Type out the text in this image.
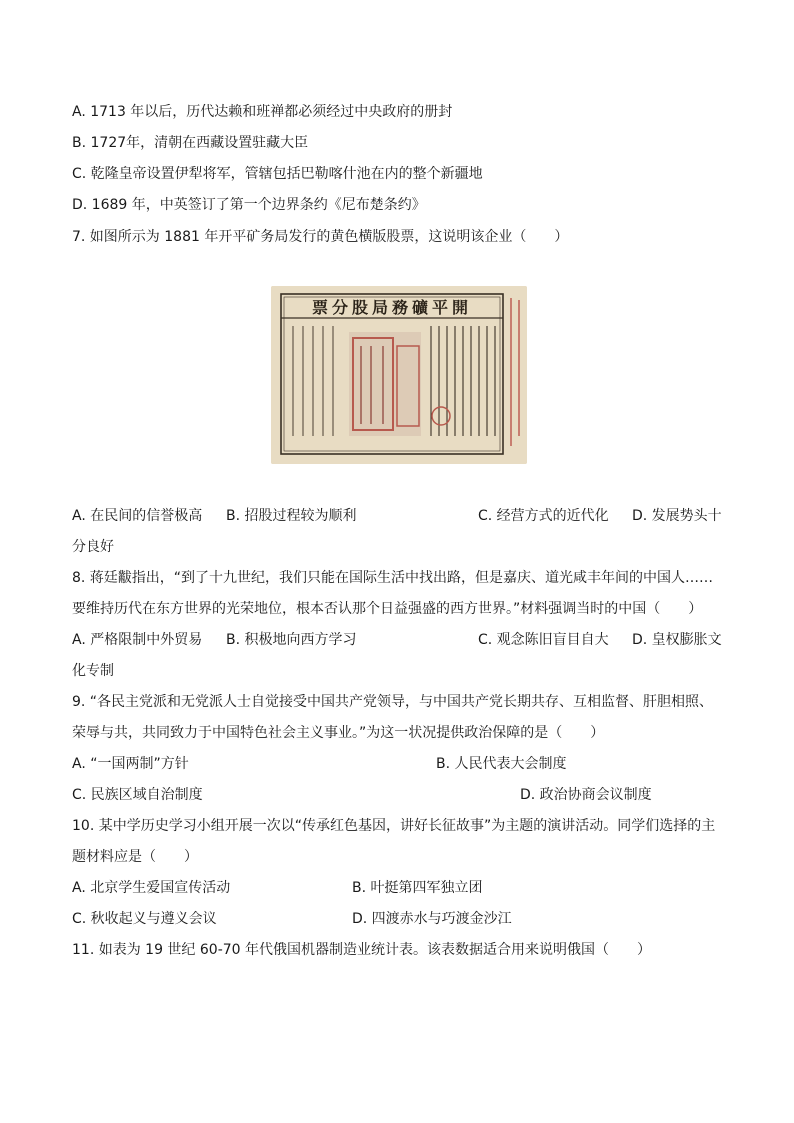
A. 1713 年以后，历代达赖和班禅都必须经过中央政府的册封
B. 1727年，清朝在西藏设置驻藏大臣
C. 乾隆皇帝设置伊犁将军，管辖包括巴勒喀什池在内的整个新疆地
D. 1689 年，中英签订了第一个边界条约《尼布楚条约》
7. 如图所示为 1881 年开平矿务局发行的黄色横版股票，这说明该企业（　　）
票分股局務礦平開
A. 在民间的信誉极高 B. 招股过程较为顺利	C. 经营方式的近代化 D. 发展势头十
分良好
8. 蒋廷黻指出，“到了十九世纪，我们只能在国际生活中找出路，但是嘉庆、道光咸丰年间的中国人……
要维持历代在东方世界的光荣地位，根本否认那个日益强盛的西方世界。”材料强调当时的中国（　　）
A. 严格限制中外贸易 B. 积极地向西方学习	C. 观念陈旧盲目自大 D. 皇权膨胀文
化专制
9. “各民主党派和无党派人士自觉接受中国共产党领导，与中国共产党长期共存、互相监督、肝胆相照、
荣辱与共，共同致力于中国特色社会主义事业。”为这一状况提供政治保障的是（　　）
A. “一国两制”方针	B. 人民代表大会制度
C. 民族区域自治制度	D. 政治协商会议制度
10. 某中学历史学习小组开展一次以“传承红色基因，讲好长征故事”为主题的演讲活动。同学们选择的主
题材料应是（　　）
A. 北京学生爱国宣传活动	B. 叶挺第四军独立团
C. 秋收起义与遵义会议	D. 四渡赤水与巧渡金沙江
11. 如表为 19 世纪 60-70 年代俄国机器制造业统计表。该表数据适合用来说明俄国（　　）
